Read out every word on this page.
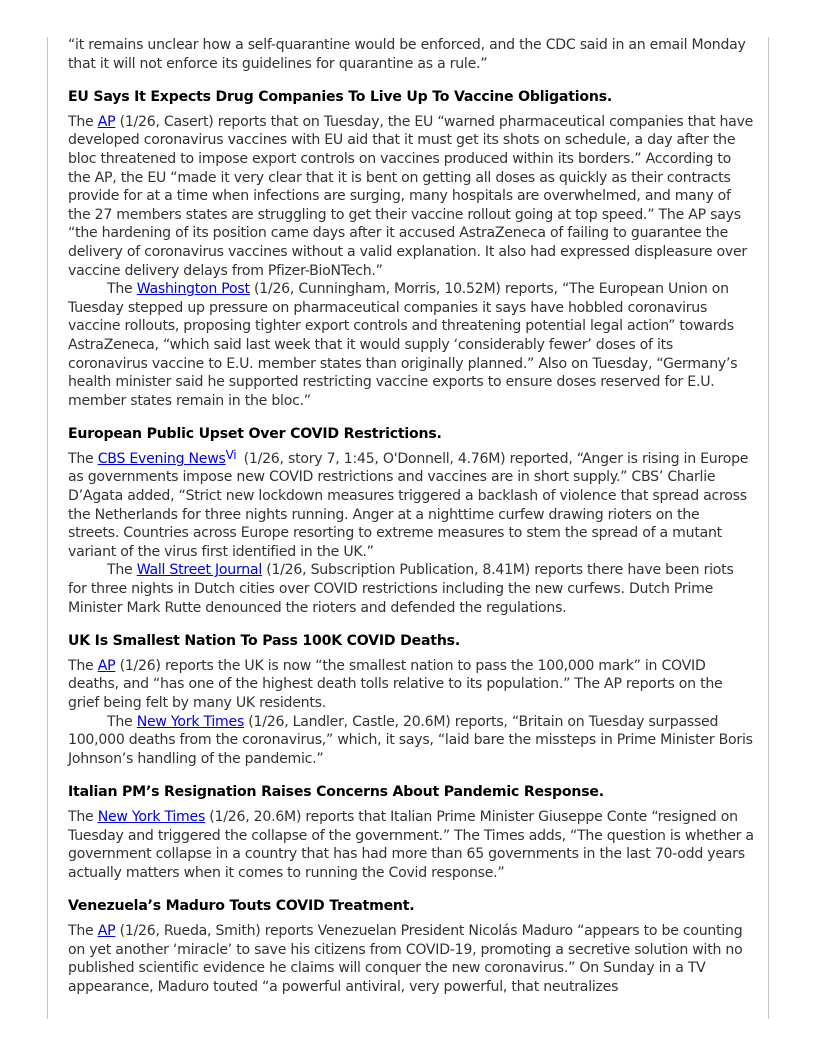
“it remains unclear how a self-quarantine would be enforced, and the CDC said in an email Monday that it will not enforce its guidelines for quarantine as a rule.”

EU Says It Expects Drug Companies To Live Up To Vaccine Obligations.

The AP (1/26, Casert) reports that on Tuesday, the EU “warned pharmaceutical companies that have developed coronavirus vaccines with EU aid that it must get its shots on schedule, a day after the bloc threatened to impose export controls on vaccines produced within its borders.” According to the AP, the EU “made it very clear that it is bent on getting all doses as quickly as their contracts provide for at a time when infections are surging, many hospitals are overwhelmed, and many of the 27 members states are struggling to get their vaccine rollout going at top speed.” The AP says “the hardening of its position came days after it accused AstraZeneca of failing to guarantee the delivery of coronavirus vaccines without a valid explanation. It also had expressed displeasure over vaccine delivery delays from Pfizer-BioNTech.”

The Washington Post (1/26, Cunningham, Morris, 10.52M) reports, “The European Union on Tuesday stepped up pressure on pharmaceutical companies it says have hobbled coronavirus vaccine rollouts, proposing tighter export controls and threatening potential legal action” towards AstraZeneca, “which said last week that it would supply ‘considerably fewer’ doses of its coronavirus vaccine to E.U. member states than originally planned.” Also on Tuesday, “Germany’s health minister said he supported restricting vaccine exports to ensure doses reserved for E.U. member states remain in the bloc.”

European Public Upset Over COVID Restrictions.

The CBS Evening News$^{Vi}$ (1/26, story 7, 1:45, O'Donnell, 4.76M) reported, “Anger is rising in Europe as governments impose new COVID restrictions and vaccines are in short supply.” CBS’ Charlie D’Agata added, “Strict new lockdown measures triggered a backlash of violence that spread across the Netherlands for three nights running. Anger at a nighttime curfew drawing rioters on the streets. Countries across Europe resorting to extreme measures to stem the spread of a mutant variant of the virus first identified in the UK.”

The Wall Street Journal (1/26, Subscription Publication, 8.41M) reports there have been riots for three nights in Dutch cities over COVID restrictions including the new curfews. Dutch Prime Minister Mark Rutte denounced the rioters and defended the regulations.

UK Is Smallest Nation To Pass 100K COVID Deaths.

The AP (1/26) reports the UK is now “the smallest nation to pass the 100,000 mark” in COVID deaths, and “has one of the highest death tolls relative to its population.” The AP reports on the grief being felt by many UK residents.

The New York Times (1/26, Landler, Castle, 20.6M) reports, “Britain on Tuesday surpassed 100,000 deaths from the coronavirus,” which, it says, “laid bare the missteps in Prime Minister Boris Johnson’s handling of the pandemic.”

Italian PM’s Resignation Raises Concerns About Pandemic Response.

The New York Times (1/26, 20.6M) reports that Italian Prime Minister Giuseppe Conte “resigned on Tuesday and triggered the collapse of the government.” The Times adds, “The question is whether a government collapse in a country that has had more than 65 governments in the last 70-odd years actually matters when it comes to running the Covid response.”

Venezuela’s Maduro Touts COVID Treatment.

The AP (1/26, Rueda, Smith) reports Venezuelan President Nicolás Maduro “appears to be counting on yet another ‘miracle’ to save his citizens from COVID-19, promoting a secretive solution with no published scientific evidence he claims will conquer the new coronavirus.” On Sunday in a TV appearance, Maduro touted “a powerful antiviral, very powerful, that neutralizes
